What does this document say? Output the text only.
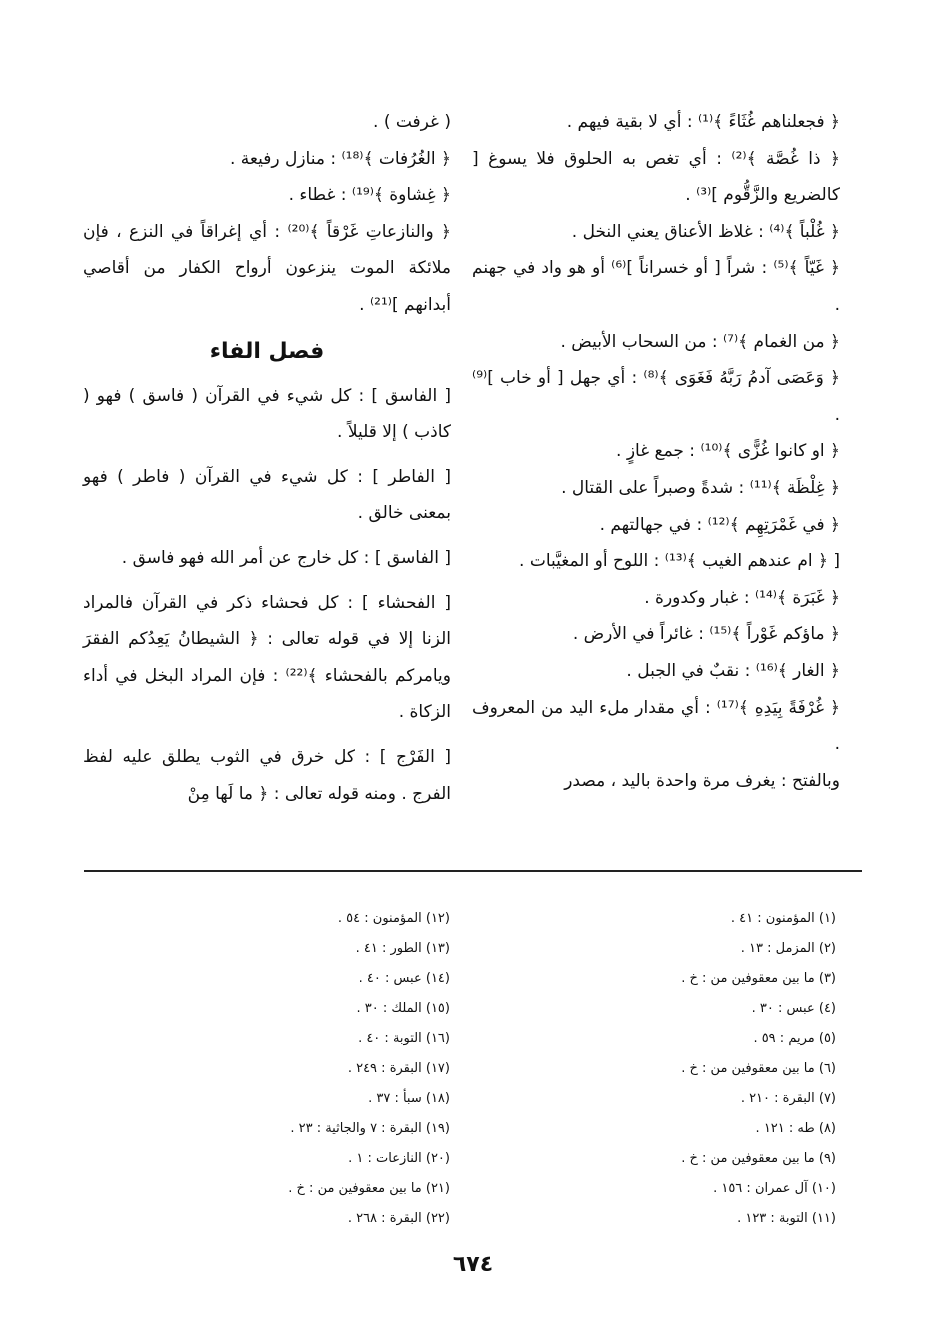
﴿ فجعلناهم غُثَاءً ﴾⁽¹⁾ : أي لا بقية فيهم .

﴿ ذا غُصَّة ﴾⁽²⁾ : أي تغص به الحلوق فلا يسوغ [ كالضريع والزَّقُّوم ]⁽³⁾ .

﴿ غُلْباً ﴾⁽⁴⁾ : غلاظ الأعناق يعني النخل .

﴿ غَيّاً ﴾⁽⁵⁾ : شراً [ أو خسراناً ]⁽⁶⁾ أو هو واد في جهنم .

﴿ من الغمام ﴾⁽⁷⁾ : من السحاب الأبيض .

﴿ وَعَصَى آدمُ رَبَّهُ فَغَوَى ﴾⁽⁸⁾ : أي جهل [ أو خاب ]⁽⁹⁾ .

﴿ او كانوا غُزًّى ﴾⁽¹⁰⁾ : جمع غازٍ .

﴿ غِلْظَة ﴾⁽¹¹⁾ : شدةً وصبراً على القتال .

﴿ في غَمْرَتِهِم ﴾⁽¹²⁾ : في جهالتهم .

[ ﴿ ام عندهم الغيب ﴾⁽¹³⁾ : اللوح أو المغيَّبات .

﴿ غَبَرَة ﴾⁽¹⁴⁾ : غبار وكدورة .

﴿ ماؤكم غَوْراً ﴾⁽¹⁵⁾ : غائراً في الأرض .

﴿ الغار ﴾⁽¹⁶⁾ : نقبٌ في الجبل .

﴿ غُرْفَةً بِيَدِهِ ﴾⁽¹⁷⁾ : أي مقدار ملء اليد من المعروف .

وبالفتح : يغرف مرة واحدة باليد ، مصدر

( غرفت ) .

﴿ الغُرُفات ﴾⁽¹⁸⁾ : منازل رفيعة .

﴿ غِشاوة ﴾⁽¹⁹⁾ : غطاء .

﴿ والنازعاتِ غَرْقاً ﴾⁽²⁰⁾ : أي إغراقاً في النزع ، فإن ملائكة الموت ينزعون أرواح الكفار من أقاصي أبدانهم ]⁽²¹⁾ .

فصل الفاء

[ الفاسق ] : كل شيء في القرآن ( فاسق ) فهو ( كاذب ) إلا قليلاً .

[ الفاطر ] : كل شيء في القرآن ( فاطر ) فهو بمعنى خالق .

[ الفاسق ] : كل خارج عن أمر الله فهو فاسق .

[ الفحشاء ] : كل فحشاء ذكر في القرآن فالمراد الزنا إلا في قوله تعالى : ﴿ الشيطانُ يَعِدُكم الفقرَ ويامركم بالفحشاء ﴾⁽²²⁾ : فإن المراد البخل في أداء الزكاة .

[ الفَرْج ] : كل خرق في الثوب يطلق عليه لفظ الفرج . ومنه قوله تعالى : ﴿ ما لَها مِنْ

(١) المؤمنون : ٤١ .
(٢) المزمل : ١٣ .
(٣) ما بين معقوفين من : خ .
(٤) عبس : ٣٠ .
(٥) مريم : ٥٩ .
(٦) ما بين معقوفين من : خ .
(٧) البقرة : ٢١٠ .
(٨) طه : ١٢١ .
(٩) ما بين معقوفين من : خ .
(١٠) آل عمران : ١٥٦ .
(١١) التوبة : ١٢٣ .
(١٢) المؤمنون : ٥٤ .
(١٣) الطور : ٤١ .
(١٤) عبس : ٤٠ .
(١٥) الملك : ٣٠ .
(١٦) التوبة : ٤٠ .
(١٧) البقرة : ٢٤٩ .
(١٨) سبأ : ٣٧ .
(١٩) البقرة : ٧ والجاثية : ٢٣ .
(٢٠) النازعات : ١ .
(٢١) ما بين معقوفين من : خ .
(٢٢) البقرة : ٢٦٨ .
٦٧٤
